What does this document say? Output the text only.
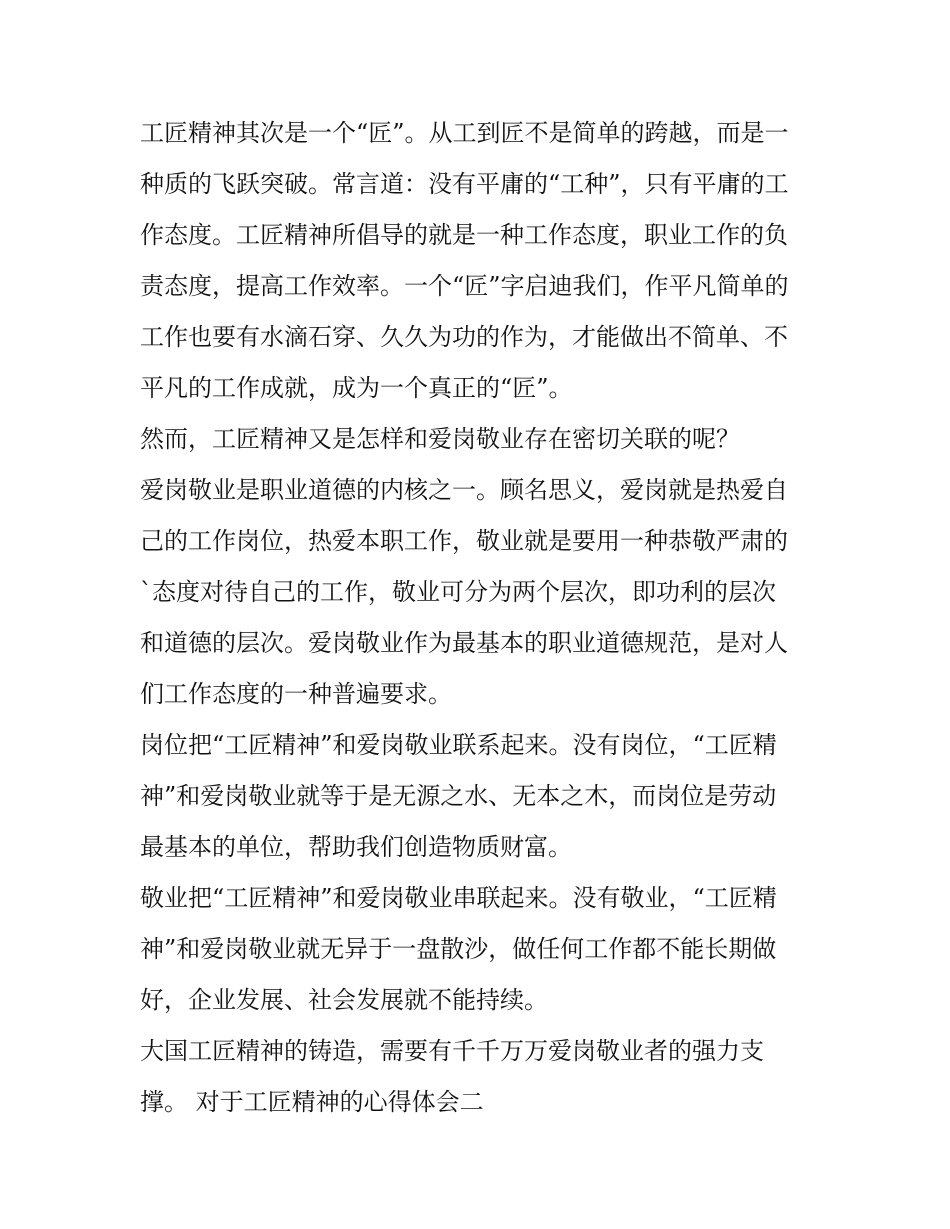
工匠精神其次是一个“匠”。从工到匠不是简单的跨越，而是一
种质的飞跃突破。常言道：没有平庸的“工种”，只有平庸的工
作态度。工匠精神所倡导的就是一种工作态度，职业工作的负
责态度，提高工作效率。一个“匠”字启迪我们，作平凡简单的
工作也要有水滴石穿、久久为功的作为，才能做出不简单、不
平凡的工作成就，成为一个真正的“匠”。
然而，工匠精神又是怎样和爱岗敬业存在密切关联的呢？
爱岗敬业是职业道德的内核之一。顾名思义，爱岗就是热爱自
己的工作岗位，热爱本职工作，敬业就是要用一种恭敬严肃的
`态度对待自己的工作，敬业可分为两个层次，即功利的层次
和道德的层次。爱岗敬业作为最基本的职业道德规范，是对人
们工作态度的一种普遍要求。
岗位把“工匠精神”和爱岗敬业联系起来。没有岗位，“工匠精
神”和爱岗敬业就等于是无源之水、无本之木，而岗位是劳动
最基本的单位，帮助我们创造物质财富。
敬业把“工匠精神”和爱岗敬业串联起来。没有敬业，“工匠精
神”和爱岗敬业就无异于一盘散沙，做任何工作都不能长期做
好，企业发展、社会发展就不能持续。
大国工匠精神的铸造，需要有千千万万爱岗敬业者的强力支
撑。 对于工匠精神的心得体会二
